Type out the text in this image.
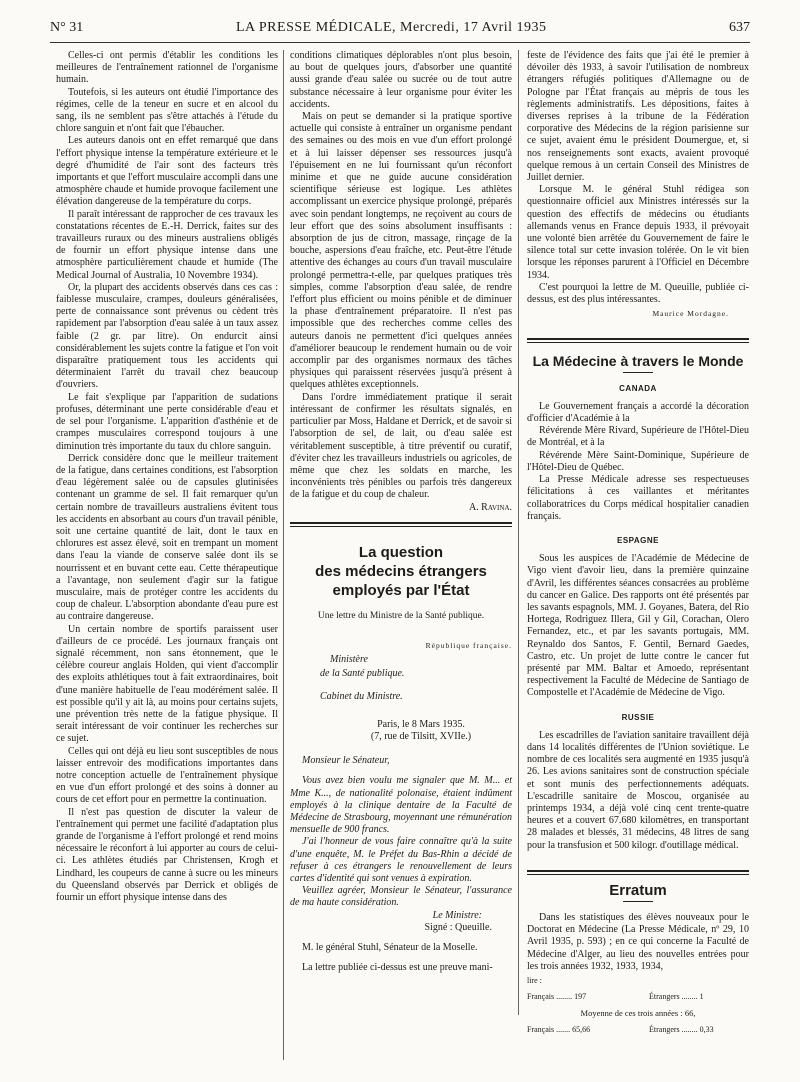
N° 31	LA PRESSE MÉDICALE, Mercredi, 17 Avril 1935	637

Celles-ci ont permis d'établir les conditions les meilleures de l'entraînement rationnel de l'organisme humain.

Toutefois, si les auteurs ont étudié l'importance des régimes, celle de la teneur en sucre et en alcool du sang, ils ne semblent pas s'être attachés à l'étude du chlore sanguin et n'ont fait que l'ébaucher.

Les auteurs danois ont en effet remarqué que dans l'effort physique intense la température extérieure et le degré d'humidité de l'air sont des facteurs très importants et que l'effort musculaire accompli dans une atmosphère chaude et humide provoque facilement une élévation dangereuse de la température du corps.

Il paraît intéressant de rapprocher de ces travaux les constatations récentes de E.-H. Derrick, faites sur des travailleurs ruraux ou des mineurs australiens obligés de fournir un effort physique intense dans une atmosphère particulièrement chaude et humide (The Medical Journal of Australia, 10 Novembre 1934).

Or, la plupart des accidents observés dans ces cas : faiblesse musculaire, crampes, douleurs généralisées, perte de connaissance sont prévenus ou cèdent très rapidement par l'absorption d'eau salée à un taux assez faible (2 gr. par litre). On endurcit ainsi considérablement les sujets contre la fatigue et l'on voit disparaître pratiquement tous les accidents qui déterminaient l'arrêt du travail chez beaucoup d'ouvriers.

Le fait s'explique par l'apparition de sudations profuses, déterminant une perte considérable d'eau et de sel pour l'organisme. L'apparition d'asthénie et de crampes musculaires correspond toujours à une diminution très importante du taux du chlore sanguin.

Derrick considère donc que le meilleur traitement de la fatigue, dans certaines conditions, est l'absorption d'eau légèrement salée ou de capsules glutinisées contenant un gramme de sel. Il fait remarquer qu'un certain nombre de travailleurs australiens évitent tous les accidents en absorbant au cours d'un travail pénible, soit une certaine quantité de lait, dont le taux en chlorures est assez élevé, soit en trempant un moment dans l'eau la viande de conserve salée dont ils se nourrissent et en buvant cette eau. Cette thérapeutique a l'avantage, non seulement d'agir sur la fatigue musculaire, mais de protéger contre les accidents du coup de chaleur. L'absorption abondante d'eau pure est au contraire dangereuse.

Un certain nombre de sportifs paraissent user d'ailleurs de ce procédé. Les journaux français ont signalé récemment, non sans étonnement, que le célèbre coureur anglais Holden, qui vient d'accomplir des exploits athlétiques tout à fait extraordinaires, boit d'une manière habituelle de l'eau modérément salée. Il est possible qu'il y ait là, au moins pour certains sujets, une prévention très nette de la fatigue physique. Il serait intéressant de voir continuer les recherches sur ce sujet.

Celles qui ont déjà eu lieu sont susceptibles de nous laisser entrevoir des modifications importantes dans notre conception actuelle de l'entraînement physique en vue d'un effort prolongé et des soins à donner au cours de cet effort pour en permettre la continuation.

Il n'est pas question de discuter la valeur de l'entraînement qui permet une facilité d'adaptation plus grande de l'organisme à l'effort prolongé et rend moins nécessaire le réconfort à lui apporter au cours de celui-ci. Les athlètes étudiés par Christensen, Krogh et Lindhard, les coupeurs de canne à sucre ou les mineurs du Queensland observés par Derrick et obligés de fournir un effort physique intense dans des

conditions climatiques déplorables n'ont plus besoin, au bout de quelques jours, d'absorber une quantité aussi grande d'eau salée ou sucrée ou de tout autre substance nécessaire à leur organisme pour éviter les accidents.

Mais on peut se demander si la pratique sportive actuelle qui consiste à entraîner un organisme pendant des semaines ou des mois en vue d'un effort prolongé et à lui laisser dépenser ses ressources jusqu'à l'épuisement en ne lui fournissant qu'un réconfort minime et que ne guide aucune considération scientifique sérieuse est logique. Les athlètes accomplissant un exercice physique prolongé, préparés avec soin pendant longtemps, ne reçoivent au cours de leur effort que des soins absolument insuffisants : absorption de jus de citron, massage, rinçage de la bouche, aspersions d'eau fraîche, etc. Peut-être l'étude attentive des échanges au cours d'un travail musculaire prolongé permettra-t-elle, par quelques pratiques très simples, comme l'absorption d'eau salée, de rendre l'effort plus efficient ou moins pénible et de diminuer la phase d'entraînement préparatoire. Il n'est pas impossible que des recherches comme celles des auteurs danois ne permettent d'ici quelques années d'améliorer beaucoup le rendement humain ou de voir accomplir par des organismes normaux des tâches physiques qui paraissent réservées jusqu'à présent à quelques athlètes exceptionnels.

Dans l'ordre immédiatement pratique il serait intéressant de confirmer les résultats signalés, en particulier par Moss, Haldane et Derrick, et de savoir si l'absorption de sel, de lait, ou d'eau salée est véritablement susceptible, à titre préventif ou curatif, d'éviter chez les travailleurs industriels ou agricoles, de même que chez les soldats en marche, les inconvénients très pénibles ou parfois très dangereux de la fatigue et du coup de chaleur.

A. Ravina.
La question
des médecins étrangers
employés par l'État
Une lettre du Ministre de la Santé publique.
République française.
Ministère
de la Santé publique.
Cabinet du Ministre.
Paris, le 8 Mars 1935.
(7, rue de Tilsitt, XVIIe.)

Monsieur le Sénateur,

Vous avez bien voulu me signaler que M. M... et Mme K..., de nationalité polonaise, étaient indûment employés à la clinique dentaire de la Faculté de Médecine de Strasbourg, moyennant une rémunération mensuelle de 900 francs.

J'ai l'honneur de vous faire connaître qu'à la suite d'une enquête, M. le Préfet du Bas-Rhin a décidé de refuser à ces étrangers le renouvellement de leurs cartes d'identité qui sont venues à expiration.

Veuillez agréer, Monsieur le Sénateur, l'assurance de ma haute considération.

Le Ministre:
Signé : Queuille.

M. le général Stuhl, Sénateur de la Moselle.

La lettre publiée ci-dessus est une preuve mani-

feste de l'évidence des faits que j'ai été le premier à dévoiler dès 1933, à savoir l'utilisation de nombreux étrangers réfugiés politiques d'Allemagne ou de Pologne par l'État français au mépris de tous les règlements administratifs. Les dépositions, faites à diverses reprises à la tribune de la Fédération corporative des Médecins de la région parisienne sur ce sujet, avaient ému le président Doumergue, et, si nos renseignements sont exacts, avaient provoqué quelque remous à un certain Conseil des Ministres de Juillet dernier.

Lorsque M. le général Stuhl rédigea son questionnaire officiel aux Ministres intéressés sur la question des effectifs de médecins ou étudiants allemands venus en France depuis 1933, il prévoyait une volonté bien arrêtée du Gouvernement de faire le silence total sur cette invasion tolérée. On le vit bien lorsque les réponses parurent à l'Officiel en Décembre 1934.

C'est pourquoi la lettre de M. Queuille, publiée ci-dessus, est des plus intéressantes.

Maurice Mordagne.
La Médecine à travers le Monde
CANADA

Le Gouvernement français a accordé la décoration d'officier d'Académie à la

Révérende Mère Rivard, Supérieure de l'Hôtel-Dieu de Montréal, et à la

Révérende Mère Saint-Dominique, Supérieure de l'Hôtel-Dieu de Québec.

La Presse Médicale adresse ses respectueuses félicitations à ces vaillantes et méritantes collaboratrices du Corps médical hospitalier canadien français.

ESPAGNE

Sous les auspices de l'Académie de Médecine de Vigo vient d'avoir lieu, dans la première quinzaine d'Avril, les différentes séances consacrées au problème du cancer en Galice. Des rapports ont été présentés par les savants espagnols, MM. J. Goyanes, Batera, del Rio Hortega, Rodriguez Illera, Gil y Gil, Corachan, Olero Fernandez, etc., et par les savants portugais, MM. Reynaldo dos Santos, F. Gentil, Bernard Gaedes, Castro, etc. Un projet de lutte contre le cancer fut présenté par MM. Baltar et Amoedo, représentant respectivement la Faculté de Médecine de Santiago de Compostelle et l'Académie de Médecine de Vigo.

RUSSIE

Les escadrilles de l'aviation sanitaire travaillent déjà dans 14 localités différentes de l'Union soviétique. Le nombre de ces localités sera augmenté en 1935 jusqu'à 26. Les avions sanitaires sont de construction spéciale et sont munis des perfectionnements adéquats. L'escadrille sanitaire de Moscou, organisée au printemps 1934, a déjà volé cinq cent trente-quatre heures et a couvert 67.680 kilomètres, en transportant 28 malades et blessés, 31 médecins, 48 litres de sang pour la transfusion et 500 kilogr. d'outillage médical.

Erratum

Dans les statistiques des élèves nouveaux pour le Doctorat en Médecine (La Presse Médicale, nº 29, 10 Avril 1935, p. 593) ; en ce qui concerne la Faculté de Médecine d'Alger, au lieu des nouvelles entrées pour les trois années 1932, 1933, 1934,

lire :
Français ........ 197	Étrangers ........ 1
Moyenne de ces trois années : 66,
Français ....... 65,66	Étrangers ........ 0,33
